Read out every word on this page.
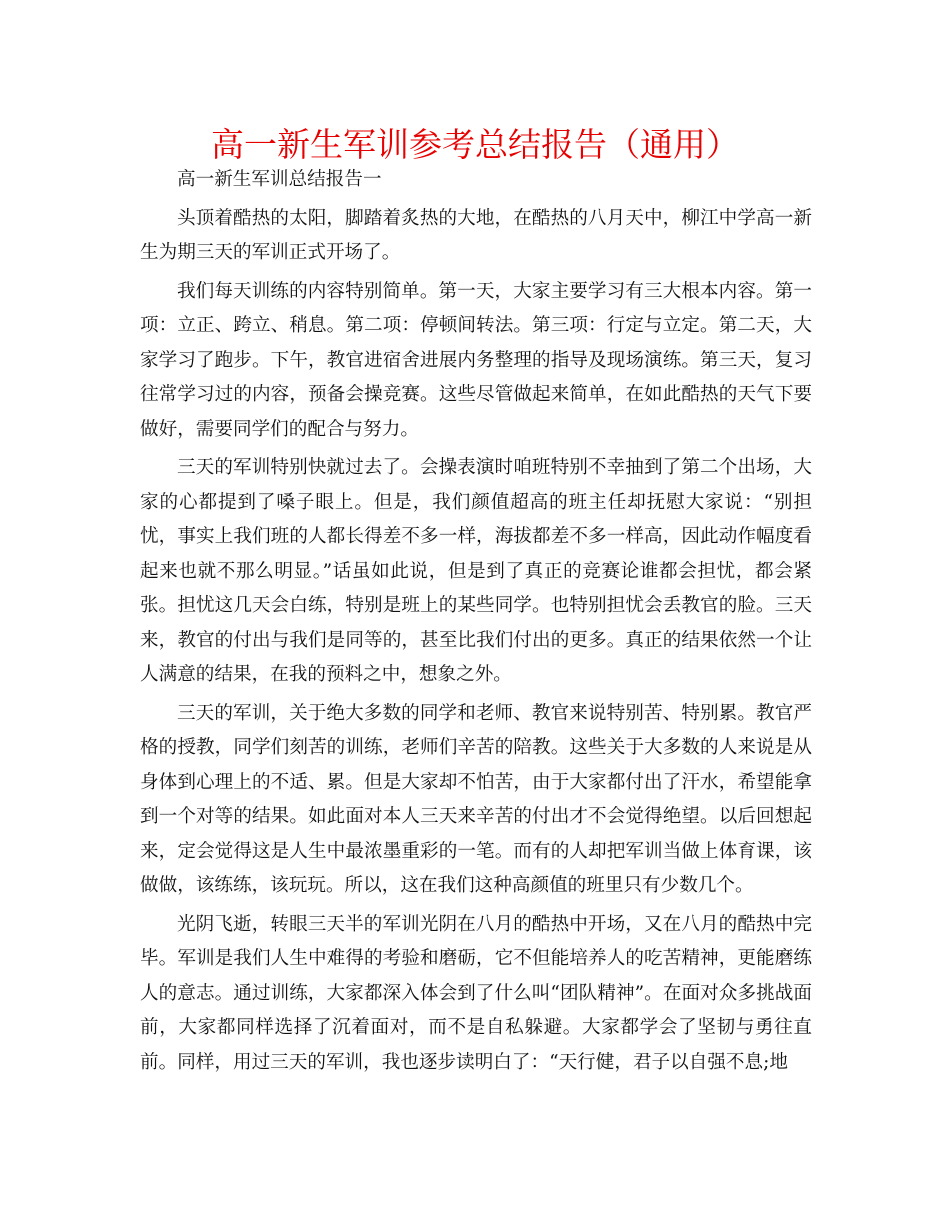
高一新生军训参考总结报告（通用）

高一新生军训总结报告一

头顶着酷热的太阳，脚踏着炙热的大地，在酷热的八月天中，柳江中学高一新生为期三天的军训正式开场了。

我们每天训练的内容特别简单。第一天，大家主要学习有三大根本内容。第一项：立正、跨立、稍息。第二项：停顿间转法。第三项：行定与立定。第二天，大家学习了跑步。下午，教官进宿舍进展内务整理的指导及现场演练。第三天，复习往常学习过的内容，预备会操竞赛。这些尽管做起来简单，在如此酷热的天气下要做好，需要同学们的配合与努力。

三天的军训特别快就过去了。会操表演时咱班特别不幸抽到了第二个出场，大家的心都提到了嗓子眼上。但是，我们颜值超高的班主任却抚慰大家说：“别担忧，事实上我们班的人都长得差不多一样，海拔都差不多一样高，因此动作幅度看起来也就不那么明显。”话虽如此说，但是到了真正的竞赛论谁都会担忧，都会紧张。担忧这几天会白练，特别是班上的某些同学。也特别担忧会丢教官的脸。三天来，教官的付出与我们是同等的，甚至比我们付出的更多。真正的结果依然一个让人满意的结果，在我的预料之中，想象之外。

三天的军训，关于绝大多数的同学和老师、教官来说特别苦、特别累。教官严格的授教，同学们刻苦的训练，老师们辛苦的陪教。这些关于大多数的人来说是从身体到心理上的不适、累。但是大家却不怕苦，由于大家都付出了汗水，希望能拿到一个对等的结果。如此面对本人三天来辛苦的付出才不会觉得绝望。以后回想起来，定会觉得这是人生中最浓墨重彩的一笔。而有的人却把军训当做上体育课，该做做，该练练，该玩玩。所以，这在我们这种高颜值的班里只有少数几个。

光阴飞逝，转眼三天半的军训光阴在八月的酷热中开场，又在八月的酷热中完毕。军训是我们人生中难得的考验和磨砺，它不但能培养人的吃苦精神，更能磨练人的意志。通过训练，大家都深入体会到了什么叫“团队精神”。在面对众多挑战面前，大家都同样选择了沉着面对，而不是自私躲避。大家都学会了坚韧与勇往直前。同样，用过三天的军训，我也逐步读明白了：“天行健，君子以自强不息;地
